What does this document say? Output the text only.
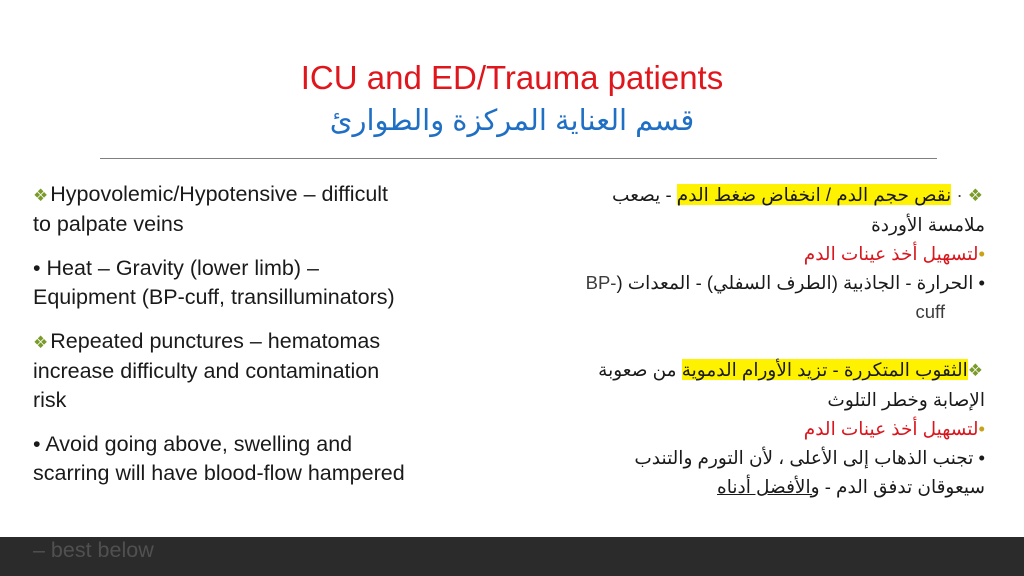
ICU and ED/Trauma patients
قسم العناية المركزة والطوارئ

❖Hypovolemic/Hypotensive – difficult

to palpate veins

• Heat – Gravity (lower limb) –

Equipment (BP-cuff, transilluminators)

❖Repeated punctures – hematomas

increase difficulty and contamination

risk

• Avoid going above, swelling and

scarring will have blood-flow hampered

❖ · نقص حجم الدم / انخفاض ضغط الدم - يصعب

ملامسة الأوردة

•لتسهيل أخذ عينات الدم

• الحرارة - الجاذبية (الطرف السفلي) - المعدات (BP-

cuff

❖الثقوب المتكررة - تزيد الأورام الدموية من صعوبة

الإصابة وخطر التلوث

•لتسهيل أخذ عينات الدم

• تجنب الذهاب إلى الأعلى ، لأن التورم والتندب

سيعوقان تدفق الدم - والأفضل أدناه

– best below
